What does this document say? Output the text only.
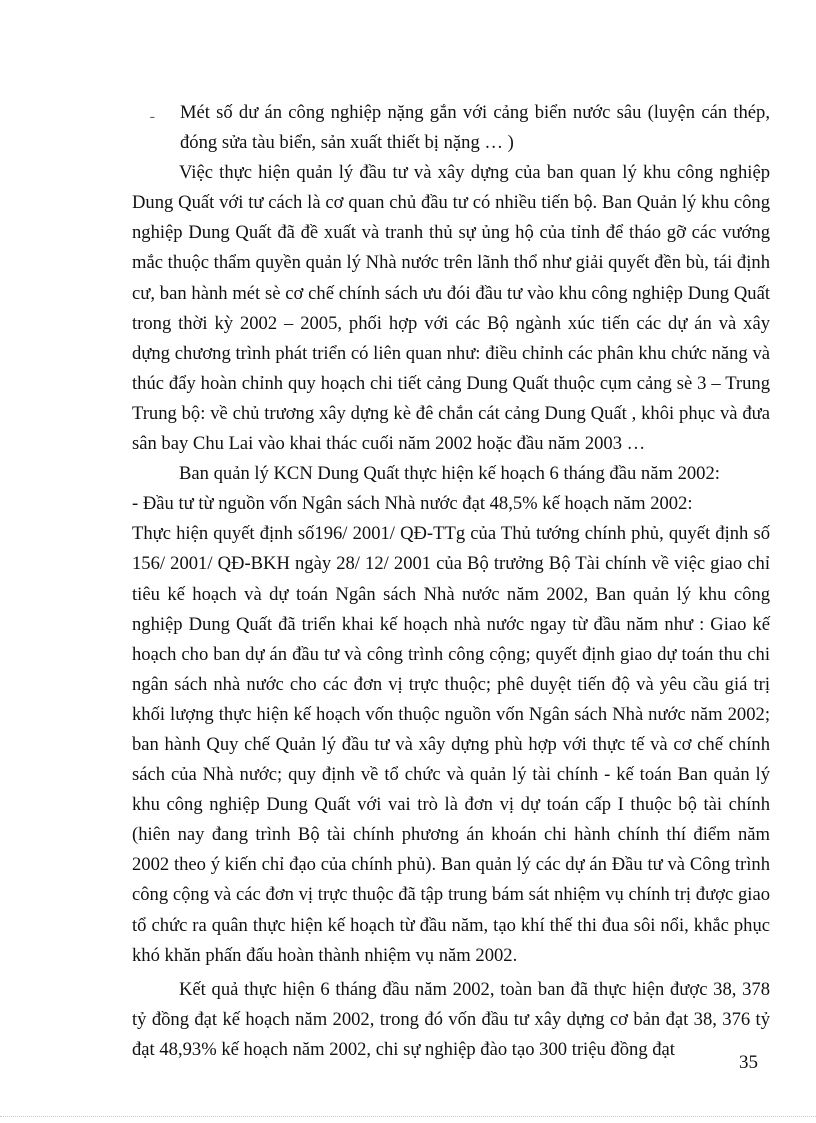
ˍ Mét số dư án công nghiệp nặng gắn với cảng biển nước sâu (luyện cán thép, đóng sửa tàu biển, sản xuất thiết bị nặng … )

Việc thực hiện quản lý đầu tư và xây dựng của ban quan lý khu công nghiệp Dung Quất với tư cách là cơ quan chủ đầu tư có nhiều tiến bộ. Ban Quản lý khu công nghiệp Dung Quất đã đề xuất và tranh thủ sự ủng hộ của tỉnh để tháo gỡ các vướng mắc thuộc thẩm quyền quản lý Nhà nước trên lãnh thổ như giải quyết đền bù, tái định cư, ban hành mét sè cơ chế chính sách ưu đói đầu tư vào khu công nghiệp Dung Quất trong thời kỳ 2002 – 2005, phối hợp với các Bộ ngành xúc tiến các dự án và xây dựng chương trình phát triển có liên quan như: điều chỉnh các phân khu chức năng và thúc đẩy hoàn chỉnh quy hoạch chi tiết cảng Dung Quất thuộc cụm cảng sè 3 – Trung Trung bộ: về chủ trương xây dựng kè đê chắn cát cảng Dung Quất , khôi phục và đưa sân bay Chu Lai vào khai thác cuối năm 2002 hoặc đầu năm 2003 …

Ban quản lý KCN Dung Quất thực hiện kế hoạch 6 tháng đầu năm 2002:

- Đầu tư từ nguồn vốn Ngân sách Nhà nước đạt 48,5% kế hoạch năm 2002:

Thực hiện quyết định số196/ 2001/ QĐ-TTg của Thủ tướng chính phủ, quyết định số 156/ 2001/ QĐ-BKH ngày 28/ 12/ 2001 của Bộ trưởng Bộ Tài chính về việc giao chỉ tiêu kế hoạch và dự toán Ngân sách Nhà nước năm 2002, Ban quản lý khu công nghiệp Dung Quất đã triển khai kế hoạch nhà nước ngay từ đầu năm như : Giao kế hoạch cho ban dự án đầu tư và công trình công cộng; quyết định giao dự toán thu chi ngân sách nhà nước cho các đơn vị trực thuộc; phê duyệt tiến độ và yêu cầu giá trị khối lượng thực hiện kế hoạch vốn thuộc nguồn vốn Ngân sách Nhà nước năm 2002; ban hành Quy chế Quản lý đầu tư và xây dựng phù hợp với thực tế và cơ chế chính sách của Nhà nước; quy định về tổ chức và quản lý tài chính - kế toán Ban quản lý khu công nghiệp Dung Quất với vai trò là đơn vị dự toán cấp I thuộc bộ tài chính (hiên nay đang trình Bộ tài chính phương án khoán chi hành chính thí điểm năm 2002 theo ý kiến chỉ đạo của chính phủ). Ban quản lý các dự án Đầu tư và Công trình công cộng và các đơn vị trực thuộc đã tập trung bám sát nhiệm vụ chính trị được giao tổ chức ra quân thực hiện kế hoạch từ đầu năm, tạo khí thế thi đua sôi nổi, khắc phục khó khăn phấn đấu hoàn thành nhiệm vụ năm 2002.

Kết quả thực hiện 6 tháng đầu năm 2002, toàn ban đã thực hiện được 38, 378 tỷ đồng đạt kế hoạch năm 2002, trong đó vốn đầu tư xây dựng cơ bản đạt 38, 376 tỷ đạt 48,93% kế hoạch năm 2002, chi sự nghiệp đào tạo 300 triệu đồng đạt

35
